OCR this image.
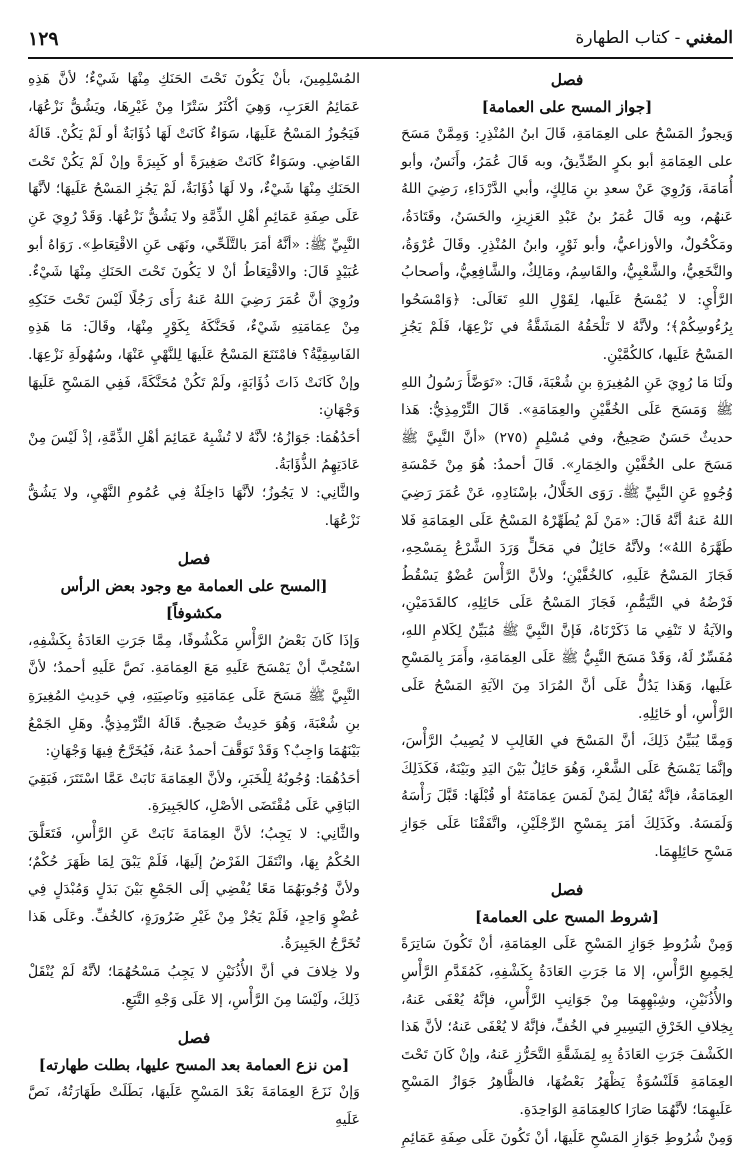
المغني - كتاب الطهارة
١٢٩

فصل

[جواز المسح على العمامة]

وَيجوزُ المَسْحُ على العِمَامَةِ، قَالَ ابنُ المُنْذِرِ: وَمِمَّنْ مَسَحَ على العِمَامَةِ أبو بكرٍ الصِّدِّيقُ، وبه قَالَ عُمَرُ، وأَنَسٌ، وأبو أُمَامَةَ، وَرُوِيَ عَنْ سعدِ بنِ مَالِكٍ، وأبي الدَّرْدَاءِ، رَضِيَ اللهُ عَنهُم، وبِه قَالَ عُمَرُ بنُ عَبْدِ العَزِيزِ، والحَسَنُ، وقَتَادَةُ، ومَكْحُولٌ، والأوزاعيُّ، وأبو ثَوْرٍ، وابنُ المُنْذِرِ. وقَالَ عُرْوَةُ، والنَّخَعِيُّ، والشَّعْبِيُّ، والقَاسِمُ، ومَالِكٌ، والشَّافِعِيُّ، وأصحابُ الرَّأْيِ: لا يُمْسَحُ عَلَيها، لِقَوْلِ اللهِ تَعَالَى: ﴿وَامْسَحُوا بِرُءُوسِكُمْ﴾؛ ولأنَّهُ لا تَلْحَقُهُ المَشَقَّةُ في نَزْعِهَا، فَلَمْ يَجُزِ المَسْحُ عَلَيها، كالكُمَّيْنِ.

ولَنَا مَا رُوِيَ عَنِ المُغِيرَةِ بنِ شُعْبَةَ، قَالَ: «تَوَضَّأَ رَسُولُ اللهِ ﷺ وَمَسَحَ عَلَى الخُفَّيْنِ والعِمَامَةِ». قَالَ التِّرْمِذِيُّ: هَذا حديثٌ حَسَنٌ صَحِيحٌ، وفي مُسْلِمٍ (٢٧٥) «أنَّ النَّبِيَّ ﷺ مَسَحَ على الخُفَّيْنِ والخِمَارِ». قَالَ أحمدُ: هُوَ مِنْ خَمْسَةِ وُجُوهٍ عَنِ النَّبِيِّ ﷺ. رَوَى الخَلَّالُ، بإسْنَادِهِ، عَنْ عُمَرَ رَضِيَ اللهُ عَنهُ أنَّهُ قَالَ: «مَنْ لَمْ يُطَهِّرْهُ المَسْحُ عَلَى العِمَامَةِ فَلا طَهَّرَهُ اللهُ»؛ ولأنَّهُ حَائِلٌ في مَحَلٍّ وَرَدَ الشَّرْعُ بِمَسْحِهِ، فَجَازَ المَسْحُ عَلَيهِ، كالخُفَّيْنِ؛ ولأنَّ الرَّأْسَ عُضْوٌ يَسْقُطُ فَرْضُهُ في التَّيَمُّمِ، فَجَازَ المَسْحُ عَلَى حَائِلِهِ، كالقَدَمَيْنِ، والآيَةُ لا تَنْفِي مَا ذَكَرْنَاهُ، فَإنَّ النَّبِيَّ ﷺ مُبَيِّنٌ لِكَلامِ اللهِ، مُفَسِّرٌ لَهُ، وَقَدْ مَسَحَ النَّبِيُّ ﷺ عَلَى العِمَامَةِ، وأَمَرَ بِالمَسْحِ عَلَيها، وَهَذا يَدُلُّ عَلَى أنَّ المُرَادَ مِنَ الآيَةِ المَسْحُ عَلَى الرَّأْسِ، أو حَائِلِهِ.

وَمِمَّا يُبَيِّنُ ذَلِكَ، أنَّ المَسْحَ في الغَالِبِ لا يُصِيبُ الرَّأْسَ، وإنَّمَا يَمْسَحُ عَلَى الشَّعْرِ، وَهُوَ حَائِلٌ بَيْنَ اليَدِ وبَيْنَهُ، فَكَذَلِكَ العِمَامَةُ، فإنَّهُ يُقَالُ لِمَنْ لَمَسَ عِمَامَتَهُ أو قُبْلَهَا: قَبَّلَ رَأْسَهُ وَلَمَسَهُ. وكَذَلِكَ أمَرَ بِمَسْحِ الرِّجْلَيْنِ، واتَّفَقْنَا عَلَى جَوَازِ مَسْحِ حَائِلِهِمَا.

فصل

[شروط المسح على العمامة]

وَمِنْ شُرُوطِ جَوَازِ المَسْحِ عَلَى العِمَامَةِ، أنْ تَكُونَ سَاتِرَةً لِجَمِيعِ الرَّأْسِ، إلا مَا جَرَتِ العَادَةُ بِكَشْفِهِ، كَمُقَدَّمِ الرَّأْسِ والأُذُنَيْنِ، وشِبْهِهِمَا مِنْ جَوَانِبِ الرَّأْسِ، فإنَّهُ يُعْفَى عَنهُ، بِخِلافِ الخَرْقِ اليَسِيرِ في الخُفِّ، فإنَّهُ لا يُعْفَى عَنهُ؛ لأنَّ هَذا الكَشْفَ جَرَتِ العَادَةُ بِهِ لِمَشَقَّةِ التَّحَرُّزِ عَنهُ، وإنْ كَانَ تَحْتَ العِمَامَةِ قَلَنْسُوَةٌ يَظْهَرُ بَعْضُهَا، فالظَّاهِرُ جَوَازُ المَسْحِ عَلَيهِمَا؛ لأنَّهُمَا صَارَا كالعِمَامَةِ الوَاحِدَةِ.

وَمِنْ شُرُوطِ جَوَازِ المَسْحِ عَلَيهَا، أنْ تَكُونَ عَلَى صِفَةِ عَمَائِمِ

المُسْلِمِينَ، بأنْ يَكُونَ تَحْتَ الحَنَكِ مِنْهَا شَيْءٌ؛ لأنَّ هَذِهِ عَمَائِمُ العَرَبِ، وَهِيَ أكْثَرُ سَتْرًا مِنْ غَيْرِهَا، ويَشُقُّ نَزْعُهَا، فَيَجُوزُ المَسْحُ عَلَيهَا، سَوَاءٌ كَانَتْ لَهَا ذُؤَابَةٌ أو لَمْ يَكُنْ. قَالَهُ القَاضِي. وسَوَاءٌ كَانَتْ صَغِيرَةً أو كَبِيرَةً وإنْ لَمْ يَكُنْ تَحْتَ الحَنَكِ مِنْهَا شَيْءٌ، ولا لَهَا ذُؤَابَةٌ، لَمْ يَجُزِ المَسْحُ عَلَيهَا؛ لأنَّهَا عَلَى صِفَةِ عَمَائِمِ أهْلِ الذِّمَّةِ ولا يَشُقُّ نَزْعُهَا. وَقَدْ رُوِيَ عَنِ النَّبِيِّ ﷺ: «أنَّهُ أمَرَ بالتَّلَحِّي، ونَهَى عَنِ الاقْتِعَاطِ». رَوَاهُ أبو عُبَيْدٍ قَالَ: والاقْتِعَاطُ أنْ لا يَكُونَ تَحْتَ الحَنَكِ مِنْهَا شَيْءٌ. ورُوِيَ أنَّ عُمَرَ رَضِيَ اللهُ عَنهُ رَأَى رَجُلًا لَيْسَ تَحْتَ حَنَكِهِ مِنْ عِمَامَتِهِ شَيْءٌ، فَحَنَّكَهُ بِكَوْرٍ مِنْهَا، وقَالَ: مَا هَذِهِ الفَاسِقِيَّةُ؟ فامْتَنَعَ المَسْحُ عَلَيهَا لِلنَّهْيِ عَنْهَا، وسُهُولَةِ نَزْعِهَا. وإنْ كَانَتْ ذَاتَ ذُؤَابَةٍ، ولَمْ تَكُنْ مُحَنَّكَةً، فَفِي المَسْحِ عَلَيهَا وَجْهَانِ:

أحَدُهُمَا: جَوَازُهُ؛ لأنَّهُ لا تُشْبِهُ عَمَائِمَ أهْلِ الذِّمَّةِ، إذْ لَيْسَ مِنْ عَادَتِهِمُ الذُّؤَابَةُ.

والثَّانِي: لا يَجُوزُ؛ لأنَّهَا دَاخِلَةٌ فِي عُمُومِ النَّهْيِ، ولا يَشُقُّ نَزْعُهَا.

فصل

[المسح على العمامة مع وجود بعض الرأس

مكشوفاً]

وَإذَا كَانَ بَعْضُ الرَّأْسِ مَكْشُوفًا، مِمَّا جَرَتِ العَادَةُ بِكَشْفِهِ، اسْتُحِبَّ أنْ يَمْسَحَ عَلَيهِ مَعَ العِمَامَةِ. نَصَّ عَلَيهِ أحمدُ؛ لأنَّ النَّبِيَّ ﷺ مَسَحَ عَلَى عِمَامَتِهِ ونَاصِيَتِهِ، فِي حَدِيثِ المُغِيرَةِ بنِ شُعْبَةَ، وَهُوَ حَدِيثٌ صَحِيحٌ. قَالَهُ التِّرْمِذِيُّ. وهَلِ الجَمْعُ بَيْنَهُمَا وَاجِبٌ؟ وَقَدْ تَوَقَّفَ أحمدُ عَنهُ، فَيُخَرَّجُ فِيهَا وَجْهَانِ:

أحَدُهُمَا: وُجُوبُهُ لِلْخَبَرِ، ولأنَّ العِمَامَةَ نَابَتْ عَمَّا اسْتَتَرَ، فَبَقِيَ البَاقِي عَلَى مُقْتَضَى الأصْلِ، كالجَبِيرَةِ.

والثَّانِي: لا يَجِبُ؛ لأنَّ العِمَامَةَ نَابَتْ عَنِ الرَّأْسِ، فَتَعَلَّقَ الحُكْمُ بِهَا، وانْتَقَلَ الفَرْضُ إلَيهَا، فَلَمْ يَبْقَ لِمَا ظَهَرَ حُكْمٌ؛ ولأنَّ وُجُوبَهُمَا مَعًا يُفْضِي إلَى الجَمْعِ بَيْنَ بَدَلٍ وَمُبْدَلٍ فِي عُضْوٍ وَاحِدٍ، فَلَمْ يَجُزْ مِنْ غَيْرِ ضَرُورَةٍ، كالخُفِّ. وعَلَى هَذا تُخَرَّجُ الجَبِيرَةُ.

ولا خِلافَ في أنَّ الأُذُنَيْنِ لا يَجِبُ مَسْحُهُمَا؛ لأنَّهُ لَمْ يُنْقَلْ ذَلِكَ، ولَيْسَا مِنَ الرَّأْسِ، إلا عَلَى وَجْهِ التَّبَعِ.

فصل

[من نزع العمامة بعد المسح عليها، بطلت طهارته]

وَإنْ نَزَعَ العِمَامَةَ بَعْدَ المَسْحِ عَلَيهَا، بَطَلَتْ طَهَارَتُهُ، نَصَّ عَلَيهِ
